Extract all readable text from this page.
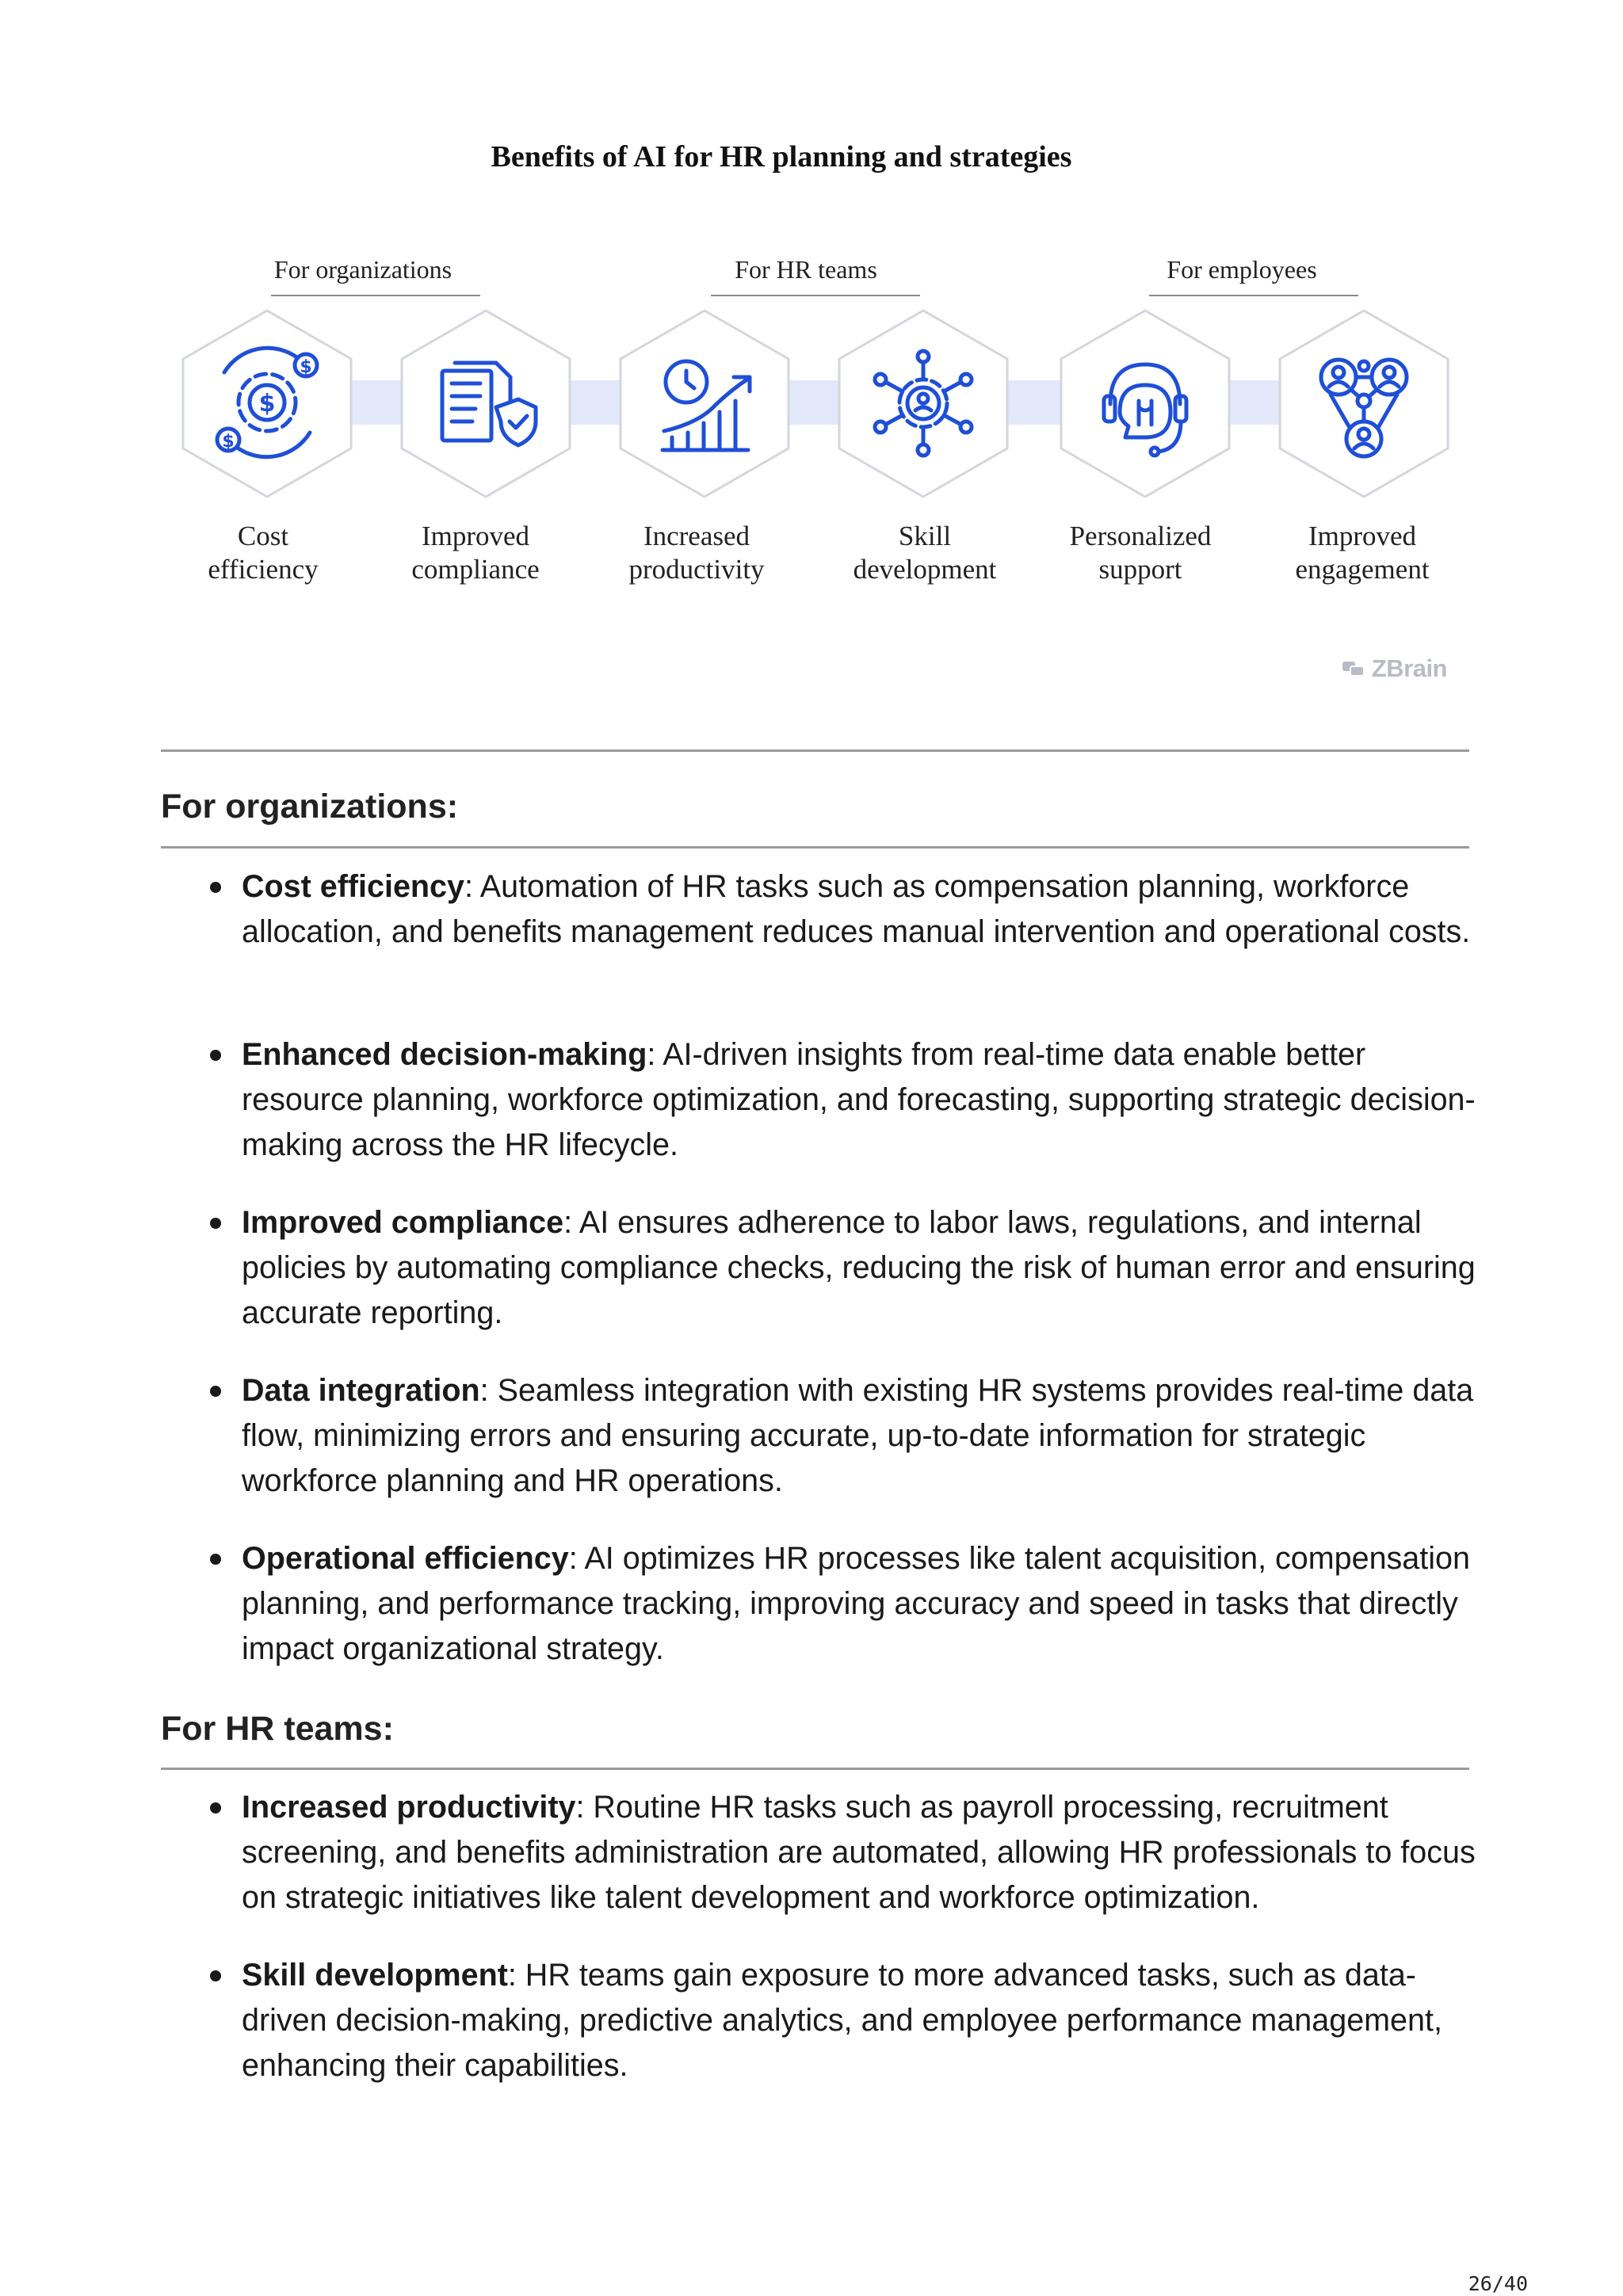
Benefits of AI for HR planning and strategies
For organizations	For HR teams	For employees
$
$
$
Cost
efficiency
Improved
compliance
Increased
productivity
Skill
development
Personalized
support
Improved
engagement
ZBrain
For organizations:
Cost efficiency: Automation of HR tasks such as compensation planning, workforce allocation, and benefits management reduces manual intervention and operational costs.
Enhanced decision-making: AI-driven insights from real-time data enable better resource planning, workforce optimization, and forecasting, supporting strategic decision-making across the HR lifecycle.
Improved compliance: AI ensures adherence to labor laws, regulations, and internal policies by automating compliance checks, reducing the risk of human error and ensuring accurate reporting.
Data integration: Seamless integration with existing HR systems provides real-time data flow, minimizing errors and ensuring accurate, up-to-date information for strategic workforce planning and HR operations.
Operational efficiency: AI optimizes HR processes like talent acquisition, compensation planning, and performance tracking, improving accuracy and speed in tasks that directly impact organizational strategy.
For HR teams:
Increased productivity: Routine HR tasks such as payroll processing, recruitment screening, and benefits administration are automated, allowing HR professionals to focus on strategic initiatives like talent development and workforce optimization.
Skill development: HR teams gain exposure to more advanced tasks, such as data-driven decision-making, predictive analytics, and employee performance management, enhancing their capabilities.
26/40
